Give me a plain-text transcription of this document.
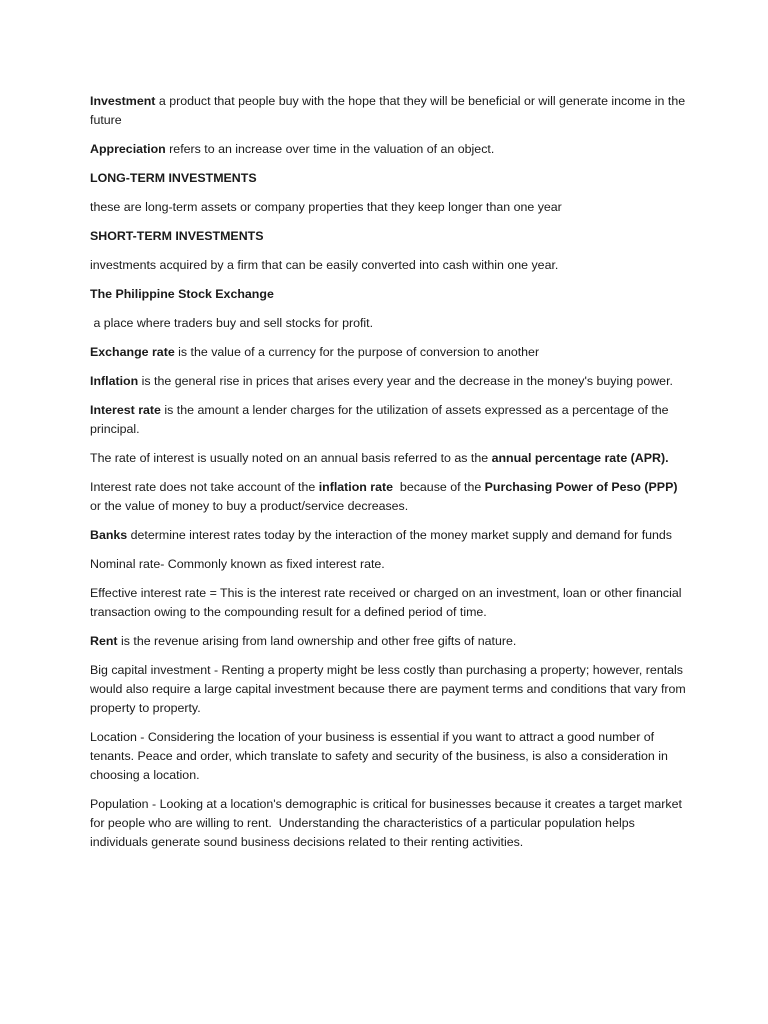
Investment a product that people buy with the hope that they will be beneficial or will generate income in the future

Appreciation refers to an increase over time in the valuation of an object.

LONG-TERM INVESTMENTS

these are long-term assets or company properties that they keep longer than one year

SHORT-TERM INVESTMENTS

investments acquired by a firm that can be easily converted into cash within one year.

The Philippine Stock Exchange

a place where traders buy and sell stocks for profit.

Exchange rate is the value of a currency for the purpose of conversion to another

Inflation is the general rise in prices that arises every year and the decrease in the money's buying power.

Interest rate is the amount a lender charges for the utilization of assets expressed as a percentage of the principal.

The rate of interest is usually noted on an annual basis referred to as the annual percentage rate (APR).

Interest rate does not take account of the inflation rate  because of the Purchasing Power of Peso (PPP) or the value of money to buy a product/service decreases.

Banks determine interest rates today by the interaction of the money market supply and demand for funds

Nominal rate- Commonly known as fixed interest rate.

Effective interest rate = This is the interest rate received or charged on an investment, loan or other financial transaction owing to the compounding result for a defined period of time.

Rent is the revenue arising from land ownership and other free gifts of nature.

Big capital investment - Renting a property might be less costly than purchasing a property; however, rentals would also require a large capital investment because there are payment terms and conditions that vary from property to property.

Location - Considering the location of your business is essential if you want to attract a good number of tenants. Peace and order, which translate to safety and security of the business, is also a consideration in choosing a location.

Population - Looking at a location's demographic is critical for businesses because it creates a target market for people who are willing to rent.  Understanding the characteristics of a particular population helps individuals generate sound business decisions related to their renting activities.
